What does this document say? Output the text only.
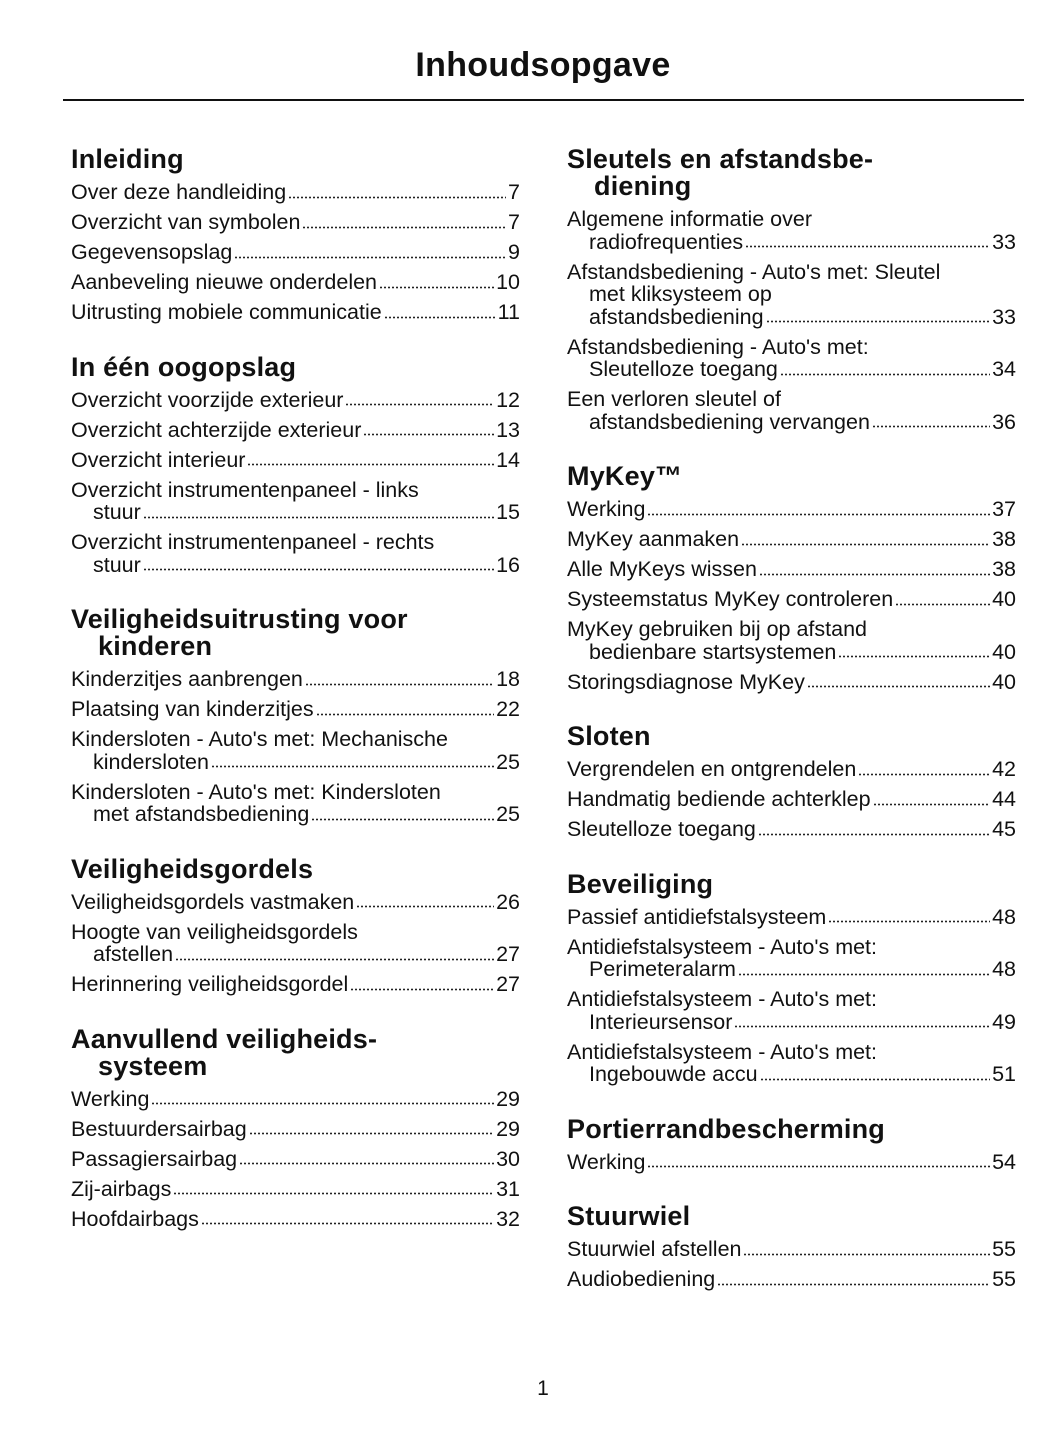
Inhoudsopgave
Inleiding
Over deze handleiding	7
Overzicht van symbolen	7
Gegevensopslag	9
Aanbeveling nieuwe onderdelen	10
Uitrusting mobiele communicatie	11
In één oogopslag
Overzicht voorzijde exterieur	12
Overzicht achterzijde exterieur	13
Overzicht interieur	14
Overzicht instrumentenpaneel - links
stuur	15
Overzicht instrumentenpaneel - rechts
stuur	16
Veiligheidsuitrusting voor
kinderen
Kinderzitjes aanbrengen	18
Plaatsing van kinderzitjes	22
Kindersloten - Auto's met: Mechanische
kindersloten	25
Kindersloten - Auto's met: Kindersloten
met afstandsbediening	25
Veiligheidsgordels
Veiligheidsgordels vastmaken	26
Hoogte van veiligheidsgordels
afstellen	27
Herinnering veiligheidsgordel	27
Aanvullend veiligheids-
systeem
Werking	29
Bestuurdersairbag	29
Passagiersairbag	30
Zij-airbags	31
Hoofdairbags	32
Sleutels en afstandsbe-
diening
Algemene informatie over
radiofrequenties	33
Afstandsbediening - Auto's met: Sleutel
met kliksysteem op
afstandsbediening	33
Afstandsbediening - Auto's met:
Sleutelloze toegang	34
Een verloren sleutel of
afstandsbediening vervangen	36
MyKey™
Werking	37
MyKey aanmaken	38
Alle MyKeys wissen	38
Systeemstatus MyKey controleren	40
MyKey gebruiken bij op afstand
bedienbare startsystemen	40
Storingsdiagnose MyKey	40
Sloten
Vergrendelen en ontgrendelen	42
Handmatig bediende achterklep	44
Sleutelloze toegang	45
Beveiliging
Passief antidiefstalsysteem	48
Antidiefstalsysteem - Auto's met:
Perimeteralarm	48
Antidiefstalsysteem - Auto's met:
Interieursensor	49
Antidiefstalsysteem - Auto's met:
Ingebouwde accu	51
Portierrandbescherming
Werking	54
Stuurwiel
Stuurwiel afstellen	55
Audiobediening	55
1
